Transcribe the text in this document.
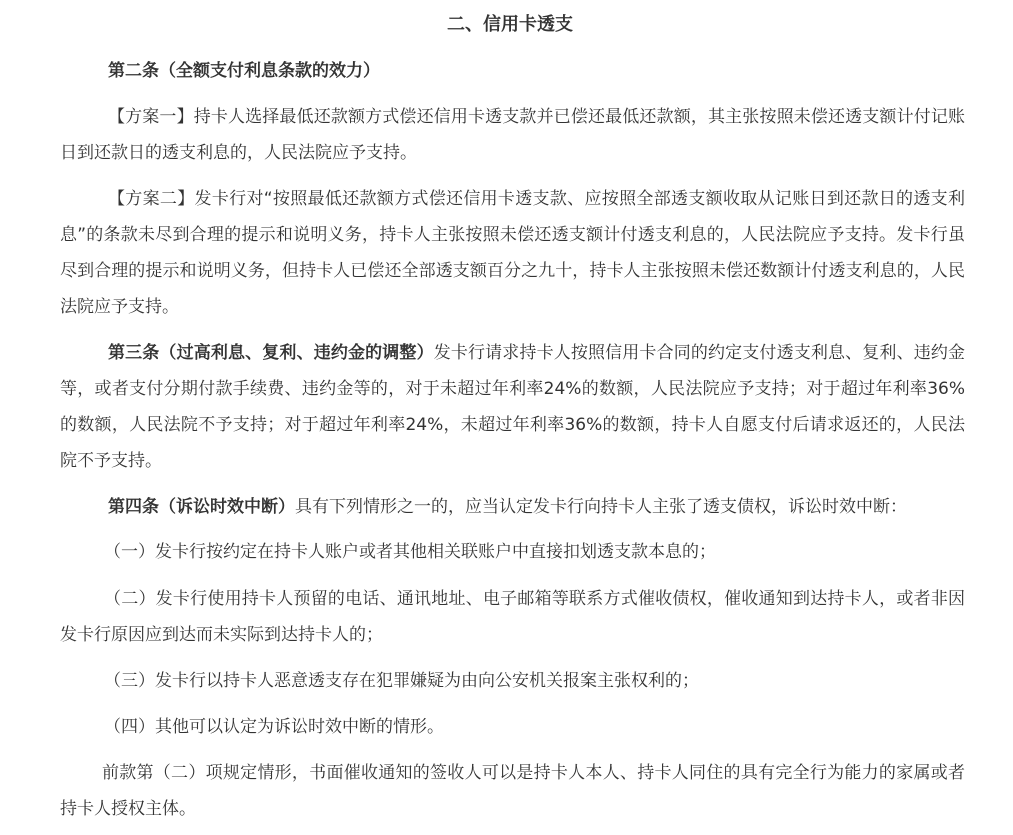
二、信用卡透支

第二条（全额支付利息条款的效力）

【方案一】持卡人选择最低还款额方式偿还信用卡透支款并已偿还最低还款额，其主张按照未偿还透支额计付记账日到还款日的透支利息的，人民法院应予支持。

【方案二】发卡行对“按照最低还款额方式偿还信用卡透支款、应按照全部透支额收取从记账日到还款日的透支利息”的条款未尽到合理的提示和说明义务，持卡人主张按照未偿还透支额计付透支利息的，人民法院应予支持。发卡行虽尽到合理的提示和说明义务，但持卡人已偿还全部透支额百分之九十，持卡人主张按照未偿还数额计付透支利息的，人民法院应予支持。

第三条（过高利息、复利、违约金的调整）发卡行请求持卡人按照信用卡合同的约定支付透支利息、复利、违约金等，或者支付分期付款手续费、违约金等的，对于未超过年利率24%的数额，人民法院应予支持；对于超过年利率36%的数额，人民法院不予支持；对于超过年利率24%，未超过年利率36%的数额，持卡人自愿支付后请求返还的，人民法院不予支持。

第四条（诉讼时效中断）具有下列情形之一的，应当认定发卡行向持卡人主张了透支债权，诉讼时效中断：

（一）发卡行按约定在持卡人账户或者其他相关联账户中直接扣划透支款本息的；

（二）发卡行使用持卡人预留的电话、通讯地址、电子邮箱等联系方式催收债权，催收通知到达持卡人，或者非因发卡行原因应到达而未实际到达持卡人的；

（三）发卡行以持卡人恶意透支存在犯罪嫌疑为由向公安机关报案主张权利的；

（四）其他可以认定为诉讼时效中断的情形。

前款第（二）项规定情形，书面催收通知的签收人可以是持卡人本人、持卡人同住的具有完全行为能力的家属或者持卡人授权主体。
